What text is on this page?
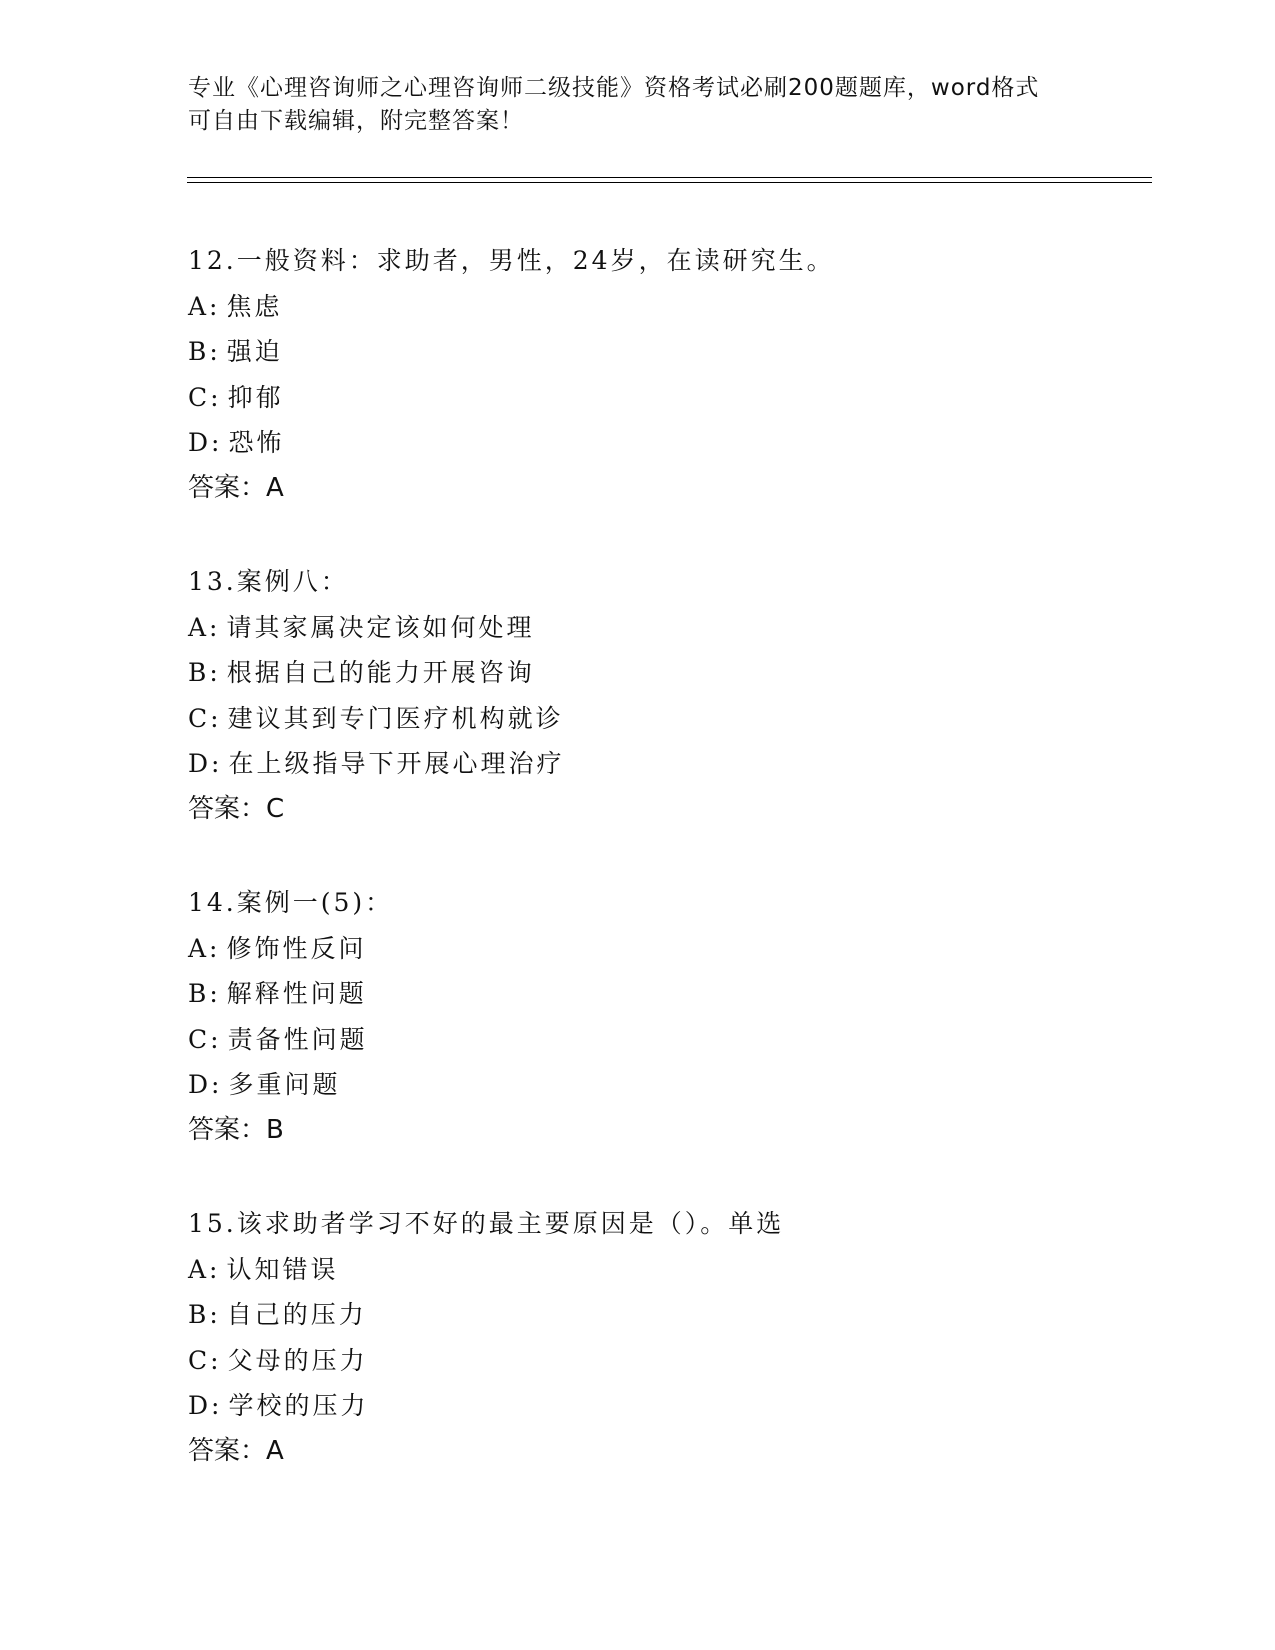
专业《心理咨询师之心理咨询师二级技能》资格考试必刷200题题库，word格式
可自由下载编辑，附完整答案！
12.一般资料：求助者，男性，24岁，在读研究生。
A: 焦虑
B: 强迫
C: 抑郁
D: 恐怖
答案：A
13.案例八：
A: 请其家属决定该如何处理
B: 根据自己的能力开展咨询
C: 建议其到专门医疗机构就诊
D: 在上级指导下开展心理治疗
答案：C
14.案例一(5)：
A: 修饰性反问
B: 解释性问题
C: 责备性问题
D: 多重问题
答案：B
15.该求助者学习不好的最主要原因是（）。单选
A: 认知错误
B: 自己的压力
C: 父母的压力
D: 学校的压力
答案：A
